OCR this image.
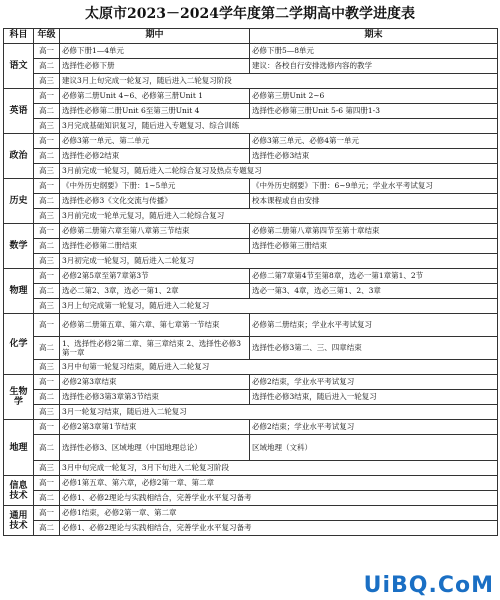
太原市2023－2024学年度第二学期高中教学进度表
科目	年级	期中	期末
语文	高一	必修下册1—4单元	必修下册5—8单元
	高二	选择性必修下册	建议：各校自行安排选修内容的教学
	高三	建议3月上旬完成一轮复习，随后进入二轮复习阶段	
英语	高一	必修第二册Unit 4~6、必修第三册Unit 1	必修第三册Unit 2~6
	高二	选择性必修第二册Unit 6至第三册Unit 4	选择性必修第三册Unit 5-6 第四册1-3
	高三	3月完成基础知识复习，随后进入专题复习、综合训练	
政治	高一	必修3第一单元、第二单元	必修3第三单元、必修4第一单元
	高二	选择性必修2结束	选择性必修3结束
	高三	3月前完成一轮复习，随后进入二轮综合复习及热点专题复习	
历史	高一	《中外历史纲要》下册：1~5单元	《中外历史纲要》下册：6~9单元；学业水平考试复习
	高二	选择性必修3《文化交流与传播》	校本课程或自由安排
	高三	3月前完成一轮单元复习，随后进入二轮综合复习	
数学	高一	必修第二册第六章至第八章第三节结束	必修第二册第八章第四节至第十章结束
	高二	选择性必修第二册结束	选择性必修第三册结束
	高三	3月初完成一轮复习，随后进入二轮复习	
物理	高一	必修2第5章至第7章第3节	必修二第7章第4节至第8章，选必一第1章第1、2节
	高二	选必二第2、3章，选必一第1、2章	选必一第3、4章，选必三第1、2、3章
	高三	3月上旬完成第一轮复习，随后进入二轮复习	
化学	高一	必修第二册第五章、第六章、第七章第一节结束	必修第二册结束；学业水平考试复习
	高二	1、选择性必修2第二章、第三章结束 2、选择性必修3第一章	选择性必修3第二、三、四章结束
	高三	3月中旬第一轮复习结束，随后进入二轮复习	
生物学	高一	必修2第3章结束	必修2结束，学业水平考试复习
	高二	选择性必修3第3章第3节结束	选择性必修3结束，随后进入一轮复习
	高三	3月一轮复习结束，随后进入二轮复习	
地理	高一	必修2第3章第1节结束	必修2结束；学业水平考试复习
	高二	选择性必修3、区域地理（中国地理总论）	区域地理（文科）
	高三	3月中旬完成一轮复习，3月下旬进入二轮复习阶段	
信息技术	高一	必修1第五章、第六章，必修2第一章、第二章	
	高二	必修1、必修2理论与实践相结合，完善学业水平复习备考	
通用技术	高一	必修1结束，必修2第一章、第二章	
	高二	必修1、必修2理论与实践相结合，完善学业水平复习备考	
UiBQ.CoM
